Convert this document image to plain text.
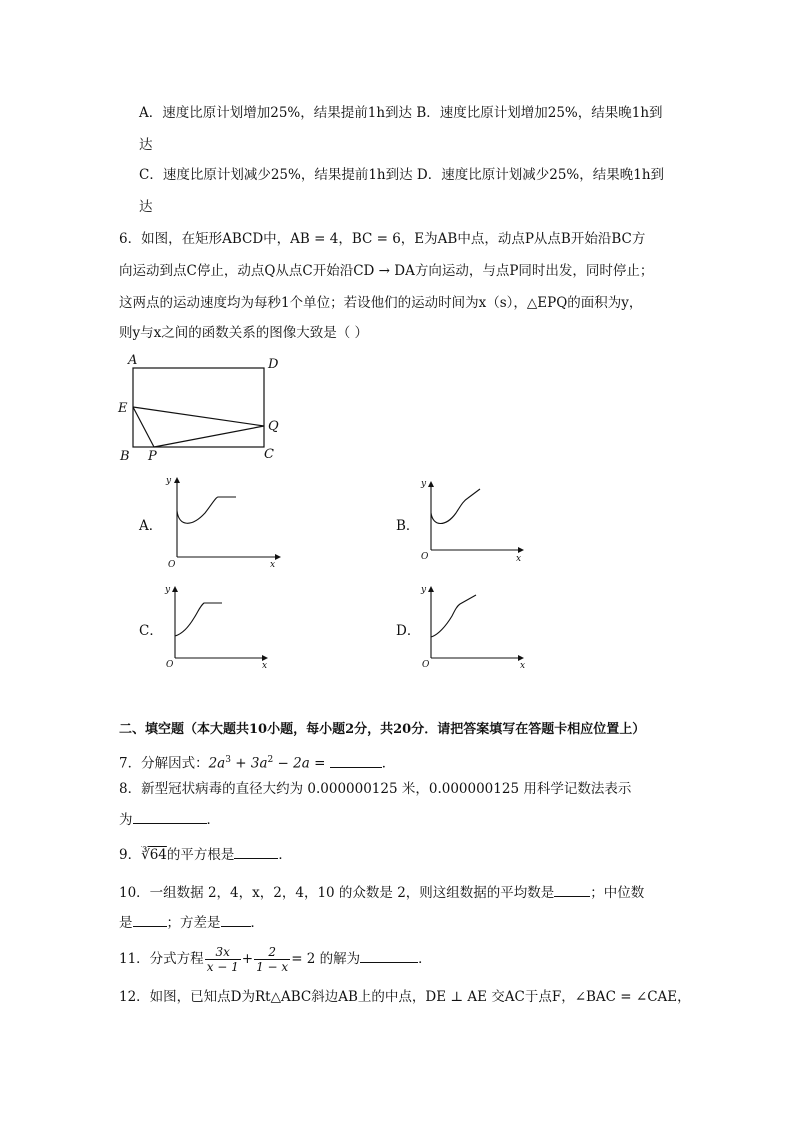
A．速度比原计划增加25%，结果提前1h到达 B．速度比原计划增加25%，结果晚1h到
达
C．速度比原计划减少25%，结果提前1h到达 D．速度比原计划减少25%，结果晚1h到
达
6．如图，在矩形ABCD中，AB = 4，BC = 6，E为AB中点，动点P从点B开始沿BC方
向运动到点C停止，动点Q从点C开始沿CD → DA方向运动，与点P同时出发，同时停止；
这两点的运动速度均为每秒1个单位；若设他们的运动时间为x（s），△EPQ的面积为y，
则y与x之间的函数关系的图像大致是（ ）
A	D
E
Q
B P	C
A．
y
O	x
B．
y
O	x
C．
y
O	x
D．
y
O	x
二、填空题（本大题共10小题，每小题2分，共20分．请把答案填写在答题卡相应位置上）
7．分解因式：$2a^3 + 3a^2 - 2a$ =	．
8．新型冠状病毒的直径大约为 0.000000125 米，0.000000125 用科学记数法表示
为	．
9．∛64的平方根是	．
10．一组数据 2，4，x，2，4，10 的众数是 2，则这组数据的平均数是	；中位数
是	；方差是 ．
11．分式方程 $\frac{3x}{x - 1} + \frac{2}{1 - x} = 2$ 的解为	．
12．如图，已知点D为Rt△ABC斜边AB上的中点，DE ⊥ AE 交AC于点F，∠BAC = ∠CAE，
